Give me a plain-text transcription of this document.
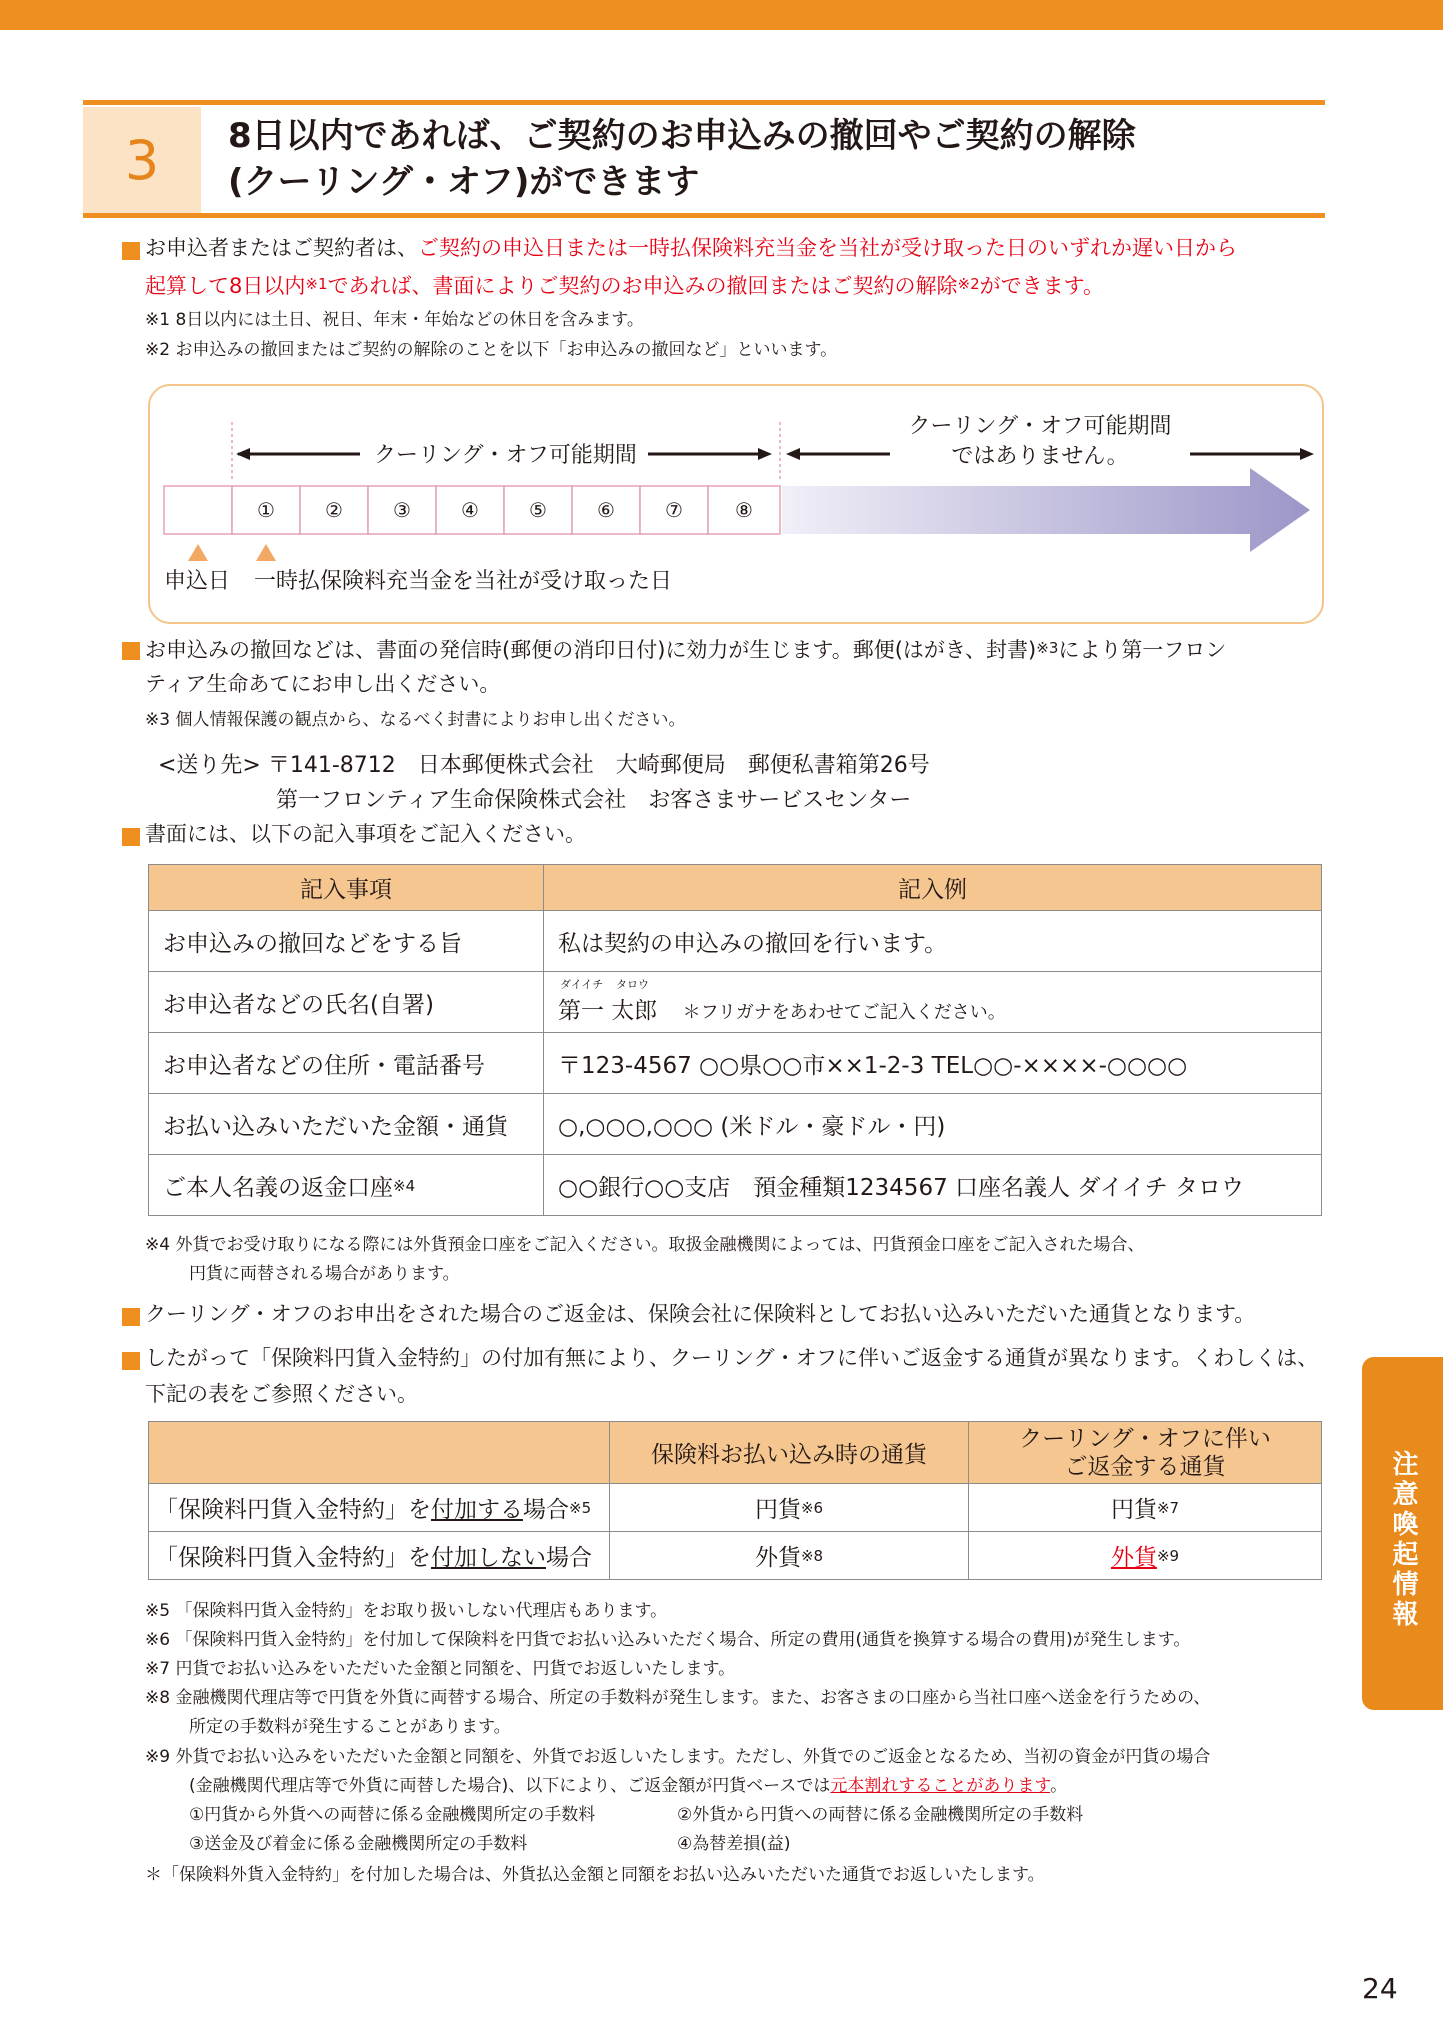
3	8日以内であれば、ご契約のお申込みの撤回やご契約の解除
(クーリング・オフ)ができます
お申込者またはご契約者は、ご契約の申込日または一時払保険料充当金を当社が受け取った日のいずれか遅い日から
起算して8日以内$^{※1}$であれば、書面によりご契約のお申込みの撤回またはご契約の解除$^{※2}$ができます。
※1 8日以内には土日、祝日、年末・年始などの休日を含みます。
※2 お申込みの撤回またはご契約の解除のことを以下「お申込みの撤回など」といいます。
クーリング・オフ可能期間
クーリング・オフ可能期間
ではありません。
①	②	③	④	⑤	⑥	⑦	⑧
申込日 一時払保険料充当金を当社が受け取った日
お申込みの撤回などは、書面の発信時(郵便の消印日付)に効力が生じます。郵便(はがき、封書)$^{※3}$により第一フロン
ティア生命あてにお申し出ください。
※3 個人情報保護の観点から、なるべく封書によりお申し出ください。
<送り先> 〒141-8712　日本郵便株式会社　大崎郵便局　郵便私書箱第26号
第一フロンティア生命保険株式会社　お客さまサービスセンター
書面には、以下の記入事項をご記入ください。
記入事項	記入例
お申込みの撤回などをする旨	私は契約の申込みの撤回を行います。
お申込者などの氏名(自署)	ダイイチ タロウ
第一 太郎 $_{*フリガナをあわせてご記入ください。}$
お申込者などの住所・電話番号	〒123-4567 ○○県○○市××1-2-3 TEL○○-××××-○○○○
お払い込みいただいた金額・通貨	○,○○○,○○○ (米ドル・豪ドル・円)
ご本人名義の返金口座$^{※4}$	○○銀行○○支店　預金種類1234567 口座名義人 ダイイチ タロウ
※4 外貨でお受け取りになる際には外貨預金口座をご記入ください。取扱金融機関によっては、円貨預金口座をご記入された場合、
円貨に両替される場合があります。
クーリング・オフのお申出をされた場合のご返金は、保険会社に保険料としてお払い込みいただいた通貨となります。
したがって「保険料円貨入金特約」の付加有無により、クーリング・オフに伴いご返金する通貨が異なります。くわしくは、
下記の表をご参照ください。
	保険料お払い込み時の通貨	クーリング・オフに伴い
ご返金する通貨

「保険料円貨入金特約」を付加する場合$^{※5}$	円貨$^{※6}$	円貨$^{※7}$
「保険料円貨入金特約」を付加しない場合	外貨$^{※8}$	外貨$^{※9}$
※5 「保険料円貨入金特約」をお取り扱いしない代理店もあります。
※6 「保険料円貨入金特約」を付加して保険料を円貨でお払い込みいただく場合、所定の費用(通貨を換算する場合の費用)が発生します。
※7 円貨でお払い込みをいただいた金額と同額を、円貨でお返しいたします。
※8 金融機関代理店等で円貨を外貨に両替する場合、所定の手数料が発生します。また、お客さまの口座から当社口座へ送金を行うための、
所定の手数料が発生することがあります。
※9 外貨でお払い込みをいただいた金額と同額を、外貨でお返しいたします。ただし、外貨でのご返金となるため、当初の資金が円貨の場合
(金融機関代理店等で外貨に両替した場合)、以下により、ご返金額が円貨ベースでは元本割れすることがあります。
①円貨から外貨への両替に係る金融機関所定の手数料	②外貨から円貨への両替に係る金融機関所定の手数料
③送金及び着金に係る金融機関所定の手数料	④為替差損(益)
＊「保険料外貨入金特約」を付加した場合は、外貨払込金額と同額をお払い込みいただいた通貨でお返しいたします。
注意喚起情報
24
